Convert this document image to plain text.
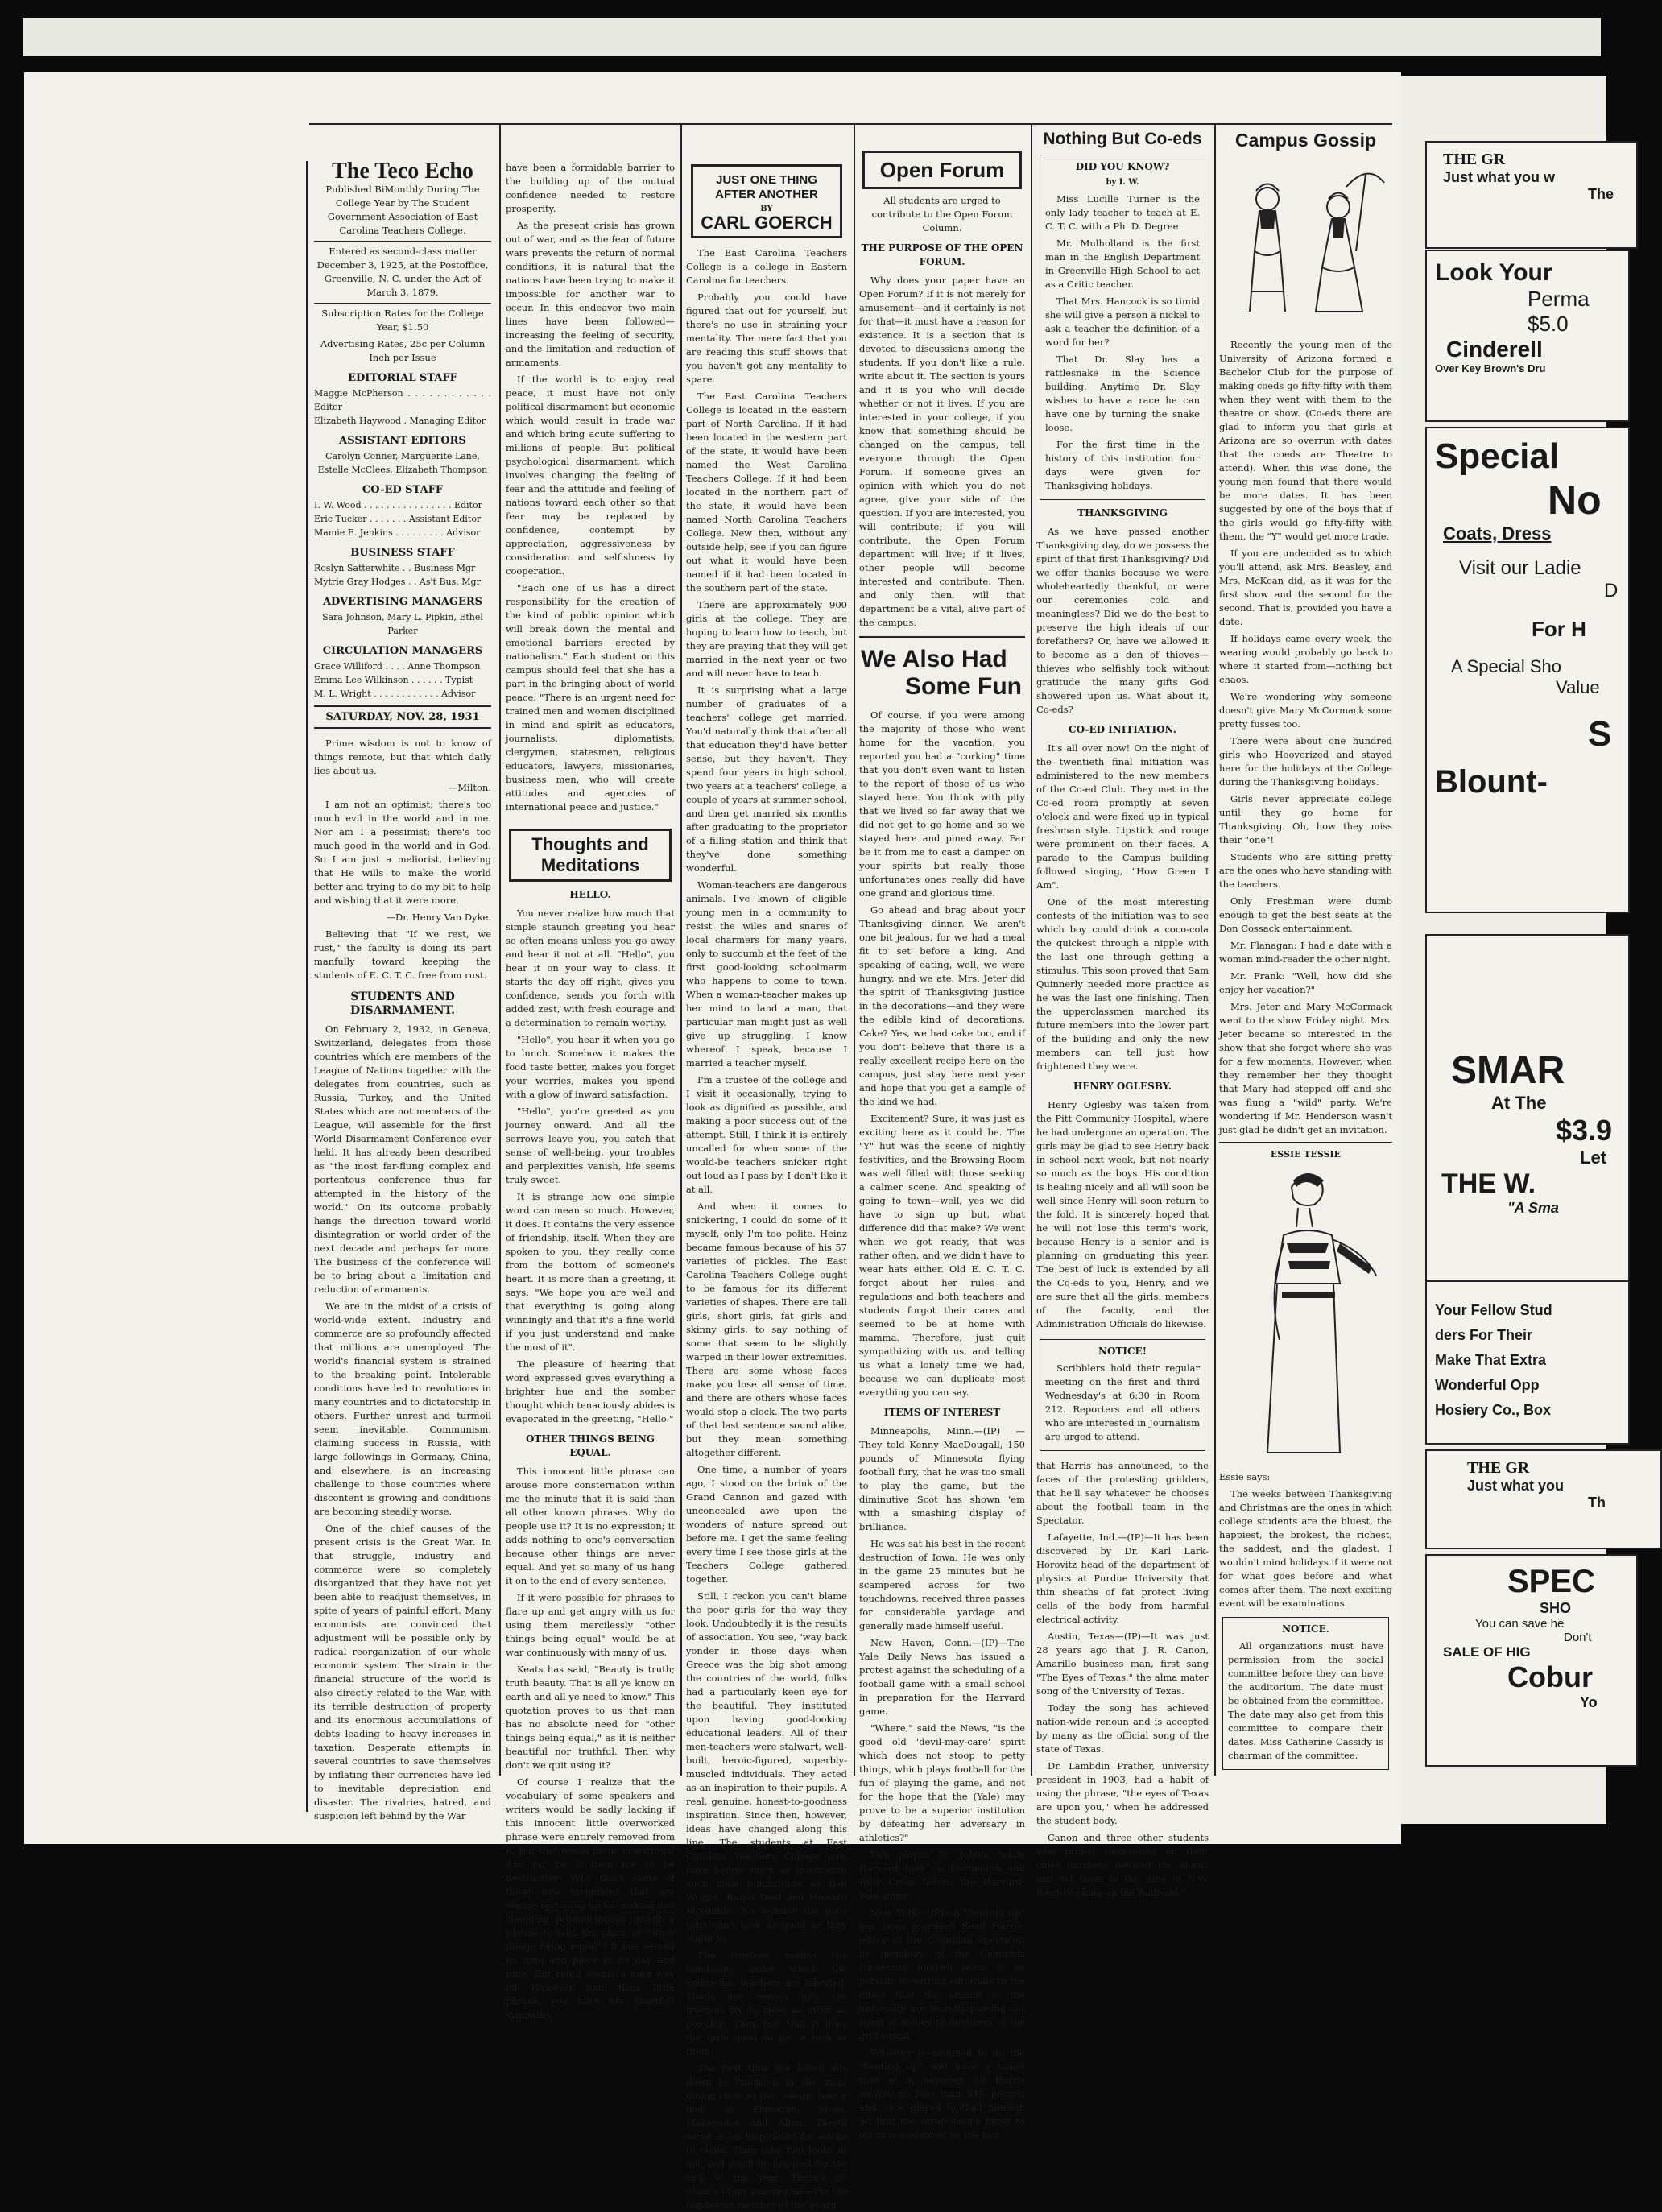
The Teco Echo

Published BiMonthly During The College Year by The Student Government Association of East Carolina Teachers College.

Entered as second-class matter December 3, 1925, at the Postoffice, Greenville, N. C. under the Act of March 3, 1879.

Subscription Rates for the College Year, $1.50

Advertising Rates, 25c per Column Inch per Issue

EDITORIAL STAFF

Maggie McPherson . . . . . . . . . . . . Editor

Elizabeth Haywood . Managing Editor

ASSISTANT EDITORS

Carolyn Conner, Marguerite Lane, Estelle McClees, Elizabeth Thompson

CO-ED STAFF

I. W. Wood . . . . . . . . . . . . . . . . Editor

Eric Tucker . . . . . . . Assistant Editor

Mamie E. Jenkins . . . . . . . . . Advisor

BUSINESS STAFF

Roslyn Satterwhite . . Business Mgr

Mytrie Gray Hodges . . As't Bus. Mgr

ADVERTISING MANAGERS

Sara Johnson, Mary L. Pipkin, Ethel Parker

CIRCULATION MANAGERS

Grace Williford . . . . Anne Thompson

Emma Lee Wilkinson . . . . . . Typist

M. L. Wright . . . . . . . . . . . . Advisor

SATURDAY, NOV. 28, 1931

Prime wisdom is not to know of things remote, but that which daily lies about us.

—Milton.

I am not an optimist; there's too much evil in the world and in me. Nor am I a pessimist; there's too much good in the world and in God. So I am just a meliorist, believing that He wills to make the world better and trying to do my bit to help and wishing that it were more.

—Dr. Henry Van Dyke.

Believing that "If we rest, we rust," the faculty is doing its part manfully toward keeping the students of E. C. T. C. free from rust.

STUDENTS AND DISARMAMENT.

On February 2, 1932, in Geneva, Switzerland, delegates from those countries which are members of the League of Nations together with the delegates from countries, such as Russia, Turkey, and the United States which are not members of the League, will assemble for the first World Disarmament Conference ever held. It has already been described as "the most far-flung complex and portentous conference thus far attempted in the history of the world." On its outcome probably hangs the direction toward world disintegration or world order of the next decade and perhaps far more. The business of the conference will be to bring about a limitation and reduction of armaments.

We are in the midst of a crisis of world-wide extent. Industry and commerce are so profoundly affected that millions are unemployed. The world's financial system is strained to the breaking point. Intolerable conditions have led to revolutions in many countries and to dictatorship in others. Further unrest and turmoil seem inevitable. Communism, claiming success in Russia, with large followings in Germany, China, and elsewhere, is an increasing challenge to those countries where discontent is growing and conditions are becoming steadily worse.

One of the chief causes of the present crisis is the Great War. In that struggle, industry and commerce were so completely disorganized that they have not yet been able to readjust themselves, in spite of years of painful effort. Many economists are convinced that adjustment will be possible only by radical reorganization of our whole economic system. The strain in the financial structure of the world is also directly related to the War, with its terrible destruction of property and its enormous accumulations of debts leading to heavy increases in taxation. Desperate attempts in several countries to save themselves by inflating their currencies have led to inevitable depreciation and disaster. The rivalries, hatred, and suspicion left behind by the War

have been a formidable barrier to the building up of the mutual confidence needed to restore prosperity.

As the present crisis has grown out of war, and as the fear of future wars prevents the return of normal conditions, it is natural that the nations have been trying to make it impossible for another war to occur. In this endeavor two main lines have been followed—increasing the feeling of security, and the limitation and reduction of armaments.

If the world is to enjoy real peace, it must have not only political disarmament but economic which would result in trade war and which bring acute suffering to millions of people. But political psychological disarmament, which involves changing the feeling of fear and the attitude and feeling of nations toward each other so that fear may be replaced by confidence, contempt by appreciation, aggressiveness by consideration and selfishness by cooperation.

"Each one of us has a direct responsibility for the creation of the kind of public opinion which will break down the mental and emotional barriers erected by nationalism." Each student on this campus should feel that she has a part in the bringing about of world peace. "There is an urgent need for trained men and women disciplined in mind and spirit as educators, journalists, diplomatists, clergymen, statesmen, religious educators, lawyers, missionaries, business men, who will create attitudes and agencies of international peace and justice."

Thoughts and Meditations
HELLO.

You never realize how much that simple staunch greeting you hear so often means unless you go away and hear it not at all. "Hello", you hear it on your way to class. It starts the day off right, gives you confidence, sends you forth with added zest, with fresh courage and a determination to remain worthy.

"Hello", you hear it when you go to lunch. Somehow it makes the food taste better, makes you forget your worries, makes you spend with a glow of inward satisfaction.

"Hello", you're greeted as you journey onward. And all the sorrows leave you, you catch that sense of well-being, your troubles and perplexities vanish, life seems truly sweet.

It is strange how one simple word can mean so much. However, it does. It contains the very essence of friendship, itself. When they are spoken to you, they really come from the bottom of someone's heart. It is more than a greeting, it says: "We hope you are well and that everything is going along winningly and that it's a fine world if you just understand and make the most of it".

The pleasure of hearing that word expressed gives everything a brighter hue and the somber thought which tenaciously abides is evaporated in the greeting, "Hello."

OTHER THINGS BEING EQUAL.

This innocent little phrase can arouse more consternation within me the minute that it is said than all other known phrases. Why do people use it? It is no expression; it adds nothing to one's conversation because other things are never equal. And yet so many of us hang it on to the end of every sentence.

If it were possible for phrases to flare up and get angry with us for using them mercilessly "other things being equal" would be at war continuously with many of us.

Keats has said, "Beauty is truth; truth beauty. That is all ye know on earth and all ye need to know." This quotation proves to us that man has no absolute need for "other things being equal," as it is neither beautiful nor truthful. Then why don't we quit using it?

Of course I realize that the vocabulary of some speakers and writers would be sadly lacking if this innocent little overworked phrase were entirely removed from it. But that would be no disastrous! And far be it from me to be destructive! Why don't some of these new inventions that are always springing up for making and changing pronunciations invent a phrase to take the place of "other things being equal"? It has served its time and place in its day and time. But relief seems a long way off. However, until then, little phrase, you have my heartfelt sympathy.

JUST ONE THING AFTER ANOTHER
BY
CARL GOERCH

The East Carolina Teachers College is a college in Eastern Carolina for teachers.

Probably you could have figured that out for yourself, but there's no use in straining your mentality. The mere fact that you are reading this stuff shows that you haven't got any mentality to spare.

The East Carolina Teachers College is located in the eastern part of North Carolina. If it had been located in the western part of the state, it would have been named the West Carolina Teachers College. If it had been located in the northern part of the state, it would have been named North Carolina Teachers College. New then, without any outside help, see if you can figure out what it would have been named if it had been located in the southern part of the state.

There are approximately 900 girls at the college. They are hoping to learn how to teach, but they are praying that they will get married in the next year or two and will never have to teach.

It is surprising what a large number of graduates of a teachers' college get married. You'd naturally think that after all that education they'd have better sense, but they haven't. They spend four years in high school, two years at a teachers' college, a couple of years at summer school, and then get married six months after graduating to the proprietor of a filling station and think that they've done something wonderful.

Woman-teachers are dangerous animals. I've known of eligible young men in a community to resist the wiles and snares of local charmers for many years, only to succumb at the feet of the first good-looking schoolmarm who happens to come to town. When a woman-teacher makes up her mind to land a man, that particular man might just as well give up struggling. I know whereof I speak, because I married a teacher myself.

I'm a trustee of the college and I visit it occasionally, trying to look as dignified as possible, and making a poor success out of the attempt. Still, I think it is entirely uncalled for when some of the would-be teachers snicker right out loud as I pass by. I don't like it at all.

And when it comes to snickering, I could do some of it myself, only I'm too polite. Heinz became famous because of his 57 varieties of pickles. The East Carolina Teachers College ought to be famous for its different varieties of shapes. There are tall girls, short girls, fat girls and skinny girls, to say nothing of some that seem to be slightly warped in their lower extremities. There are some whose faces make you lose all sense of time, and there are others whose faces would stop a clock. The two parts of that last sentence sound alike, but they mean something altogether different.

One time, a number of years ago, I stood on the brink of the Grand Cannon and gazed with unconcealed awe upon the wonders of nature spread out before me. I get the same feeling every time I see those girls at the Teachers College gathered together.

Still, I reckon you can't blame the poor girls for the way they look. Undoubtedly it is the results of association. You see, 'way back yonder in those days when Greece was the big shot among the countries of the world, folks had a particularly keen eye for the beautiful. They instituted upon having good-looking educational leaders. All of their men-teachers were stalwart, well-built, heroic-figured, superbly-muscled individuals. They acted as an inspiration to their pupils. A real, genuine, honest-to-goodness inspiration. Since then, however, ideas have changed along this line. The students at East Carolina Teachers College now have before them as inspiration such male pulchritude as Bob Wright, Ralph Deal and Howard McGinnis. No wonder the poor girls can't look as good as they ought to.

The trustees realize the handicaps under which the embryonic teachers are laboring. That's one reason why the trustees try to meet as often as possible. They feel that it does the girls good to get a look at them.

The next time the board sits down to luncheon in the main dining room at the college, take a look at Flanagan, Moye, Makepeace and Allen. They'll serve as an inspiration for weeks to come. Then take two looks at me, and you'll be inspired for the rest of the year. There's no chance of my missing me—I'm the handsome member of the board.

Open Forum

All students are urged to contribute to the Open Forum Column.

THE PURPOSE OF THE OPEN FORUM.

Why does your paper have an Open Forum? If it is not merely for amusement—and it certainly is not for that—it must have a reason for existence. It is a section that is devoted to discussions among the students. If you don't like a rule, write about it. The section is yours and it is you who will decide whether or not it lives. If you are interested in your college, if you know that something should be changed on the campus, tell everyone through the Open Forum. If someone gives an opinion with which you do not agree, give your side of the question. If you are interested, you will contribute; if you will contribute, the Open Forum department will live; if it lives, other people will become interested and contribute. Then, and only then, will that department be a vital, alive part of the campus.

We Also Had
Some Fun

Of course, if you were among the majority of those who went home for the vacation, you reported you had a "corking" time that you don't even want to listen to the report of those of us who stayed here. You think with pity that we lived so far away that we did not get to go home and so we stayed here and pined away. Far be it from me to cast a damper on your spirits but really those unfortunates ones really did have one grand and glorious time.

Go ahead and brag about your Thanksgiving dinner. We aren't one bit jealous, for we had a meal fit to set before a king. And speaking of eating, well, we were hungry, and we ate. Mrs. Jeter did the spirit of Thanksgiving justice in the decorations—and they were the edible kind of decorations. Cake? Yes, we had cake too, and if you don't believe that there is a really excellent recipe here on the campus, just stay here next year and hope that you get a sample of the kind we had.

Excitement? Sure, it was just as exciting here as it could be. The "Y" hut was the scene of nightly festivities, and the Browsing Room was well filled with those seeking a calmer scene. And speaking of going to town—well, yes we did have to sign up but, what difference did that make? We went when we got ready, that was rather often, and we didn't have to wear hats either. Old E. C. T. C. forgot about her rules and regulations and both teachers and students forgot their cares and seemed to be at home with mamma. Therefore, just quit sympathizing with us, and telling us what a lonely time we had, because we can duplicate most everything you can say.

ITEMS OF INTEREST

Minneapolis, Minn.—(IP) — They told Kenny MacDougall, 150 pounds of Minnesota flying football fury, that he was too small to play the game, but the diminutive Scot has shown 'em with a smashing display of brilliance.

He was sat his best in the recent destruction of Iowa. He was only in the game 25 minutes but he scampered across for two touchdowns, received three passes for considerable yardage and generally made himself useful.

New Haven, Conn.—(IP)—The Yale Daily News has issued a protest against the scheduling of a football game with a small school in preparation for the Harvard game.

"Where," said the News, "is the good old 'devil-may-care' spirit which does not stoop to petty things, which plays football for the fun of playing the game, and not for the hope that the (Yale) may prove to be a superior institution by defeating her adversary in athletics?"

Yale played St. John's, while Harvard took on Dartmouth and Holy Cross before the Harvard-Yale game.

New York—(IP)—A "beating up" has been promised Reed Harris, editor of the Columbia Spectator, by members of the Columbia University football team, if he persists in writing editorials to the effect that the alumni of the university are secretly passing out sums of money to members of the grid squad.

Whoever is assigned to do the "beating up" will have a tough time of it, however, for Harris weighs no less than 215 pounds and once played football himself. So that the scrap seems likely to occur is evidenced by the fact

Nothing But Co-eds
DID YOU KNOW?
by I. W.

Miss Lucille Turner is the only lady teacher to teach at E. C. T. C. with a Ph. D. Degree.

Mr. Mulholland is the first man in the English Department in Greenville High School to act as a Critic teacher.

That Mrs. Hancock is so timid she will give a person a nickel to ask a teacher the definition of a word for her?

That Dr. Slay has a rattlesnake in the Science building. Anytime Dr. Slay wishes to have a race he can have one by turning the snake loose.

For the first time in the history of this institution four days were given for Thanksgiving holidays.

THANKSGIVING

As we have passed another Thanksgiving day, do we possess the spirit of that first Thanksgiving? Did we offer thanks because we were wholeheartedly thankful, or were our ceremonies cold and meaningless? Did we do the best to preserve the high ideals of our forefathers? Or, have we allowed it to become as a den of thieves—thieves who selfishly took without gratitude the many gifts God showered upon us. What about it, Co-eds?

CO-ED INITIATION.

It's all over now! On the night of the twentieth final initiation was administered to the new members of the Co-ed Club. They met in the Co-ed room promptly at seven o'clock and were fixed up in typical freshman style. Lipstick and rouge were prominent on their faces. A parade to the Campus building followed singing, "How Green I Am".

One of the most interesting contests of the initiation was to see which boy could drink a coco-cola the quickest through a nipple with the last one through getting a stimulus. This soon proved that Sam Quinnerly needed more practice as he was the last one finishing. Then the upperclassmen marched its future members into the lower part of the building and only the new members can tell just how frightened they were.

HENRY OGLESBY.

Henry Oglesby was taken from the Pitt Community Hospital, where he had undergone an operation. The girls may be glad to see Henry back in school next week, but not nearly so much as the boys. His condition is healing nicely and all will soon be well since Henry will soon return to the fold. It is sincerely hoped that he will not lose this term's work, because Henry is a senior and is planning on graduating this year. The best of luck is extended by all the Co-eds to you, Henry, and we are sure that all the girls, members of the faculty, and the Administration Officials do likewise.

NOTICE!

Scribblers hold their regular meeting on the first and third Wednesday's at 6:30 in Room 212. Reporters and all others who are interested in Journalism are urged to attend.

that Harris has announced, to the faces of the protesting gridders, that he'll say whatever he chooses about the football team in the Spectator.

Lafayette, Ind.—(IP)—It has been discovered by Dr. Karl Lark-Horovitz head of the department of physics at Purdue University that thin sheaths of fat protect living cells of the body from harmful electrical activity.

Austin, Texas—(IP)—It was just 28 years ago that J. R. Canon, Amarillo business man, first sang "The Eyes of Texas," the alma mater song of the University of Texas.

Today the song has achieved nation-wide renoun and is accepted by many as the official song of the state of Texas.

Dr. Lambdin Prather, university president in 1903, had a habit of using the phrase, "the eyes of Texas are upon you," when he addressed the student body.

Canon and three other students who prided themselves on their close harmony devised the words and set them to the tune of "I've Been Working on the Railroad."

Campus Gossip

Recently the young men of the University of Arizona formed a Bachelor Club for the purpose of making coeds go fifty-fifty with them when they went with them to the theatre or show. (Co-eds there are glad to inform you that girls at Arizona are so overrun with dates that the coeds are Theatre to attend). When this was done, the young men found that there would be more dates. It has been suggested by one of the boys that if the girls would go fifty-fifty with them, the "Y" would get more trade.

If you are undecided as to which you'll attend, ask Mrs. Beasley, and Mrs. McKean did, as it was for the first show and the second for the second. That is, provided you have a date.

If holidays came every week, the wearing would probably go back to where it started from—nothing but chaos.

We're wondering why someone doesn't give Mary McCormack some pretty fusses too.

There were about one hundred girls who Hooverized and stayed here for the holidays at the College during the Thanksgiving holidays.

Girls never appreciate college until they go home for Thanksgiving. Oh, how they miss their "one"!

Students who are sitting pretty are the ones who have standing with the teachers.

Only Freshman were dumb enough to get the best seats at the Don Cossack entertainment.

Mr. Flanagan: I had a date with a woman mind-reader the other night.

Mr. Frank: "Well, how did she enjoy her vacation?"

Mrs. Jeter and Mary McCormack went to the show Friday night. Mrs. Jeter became so interested in the show that she forgot where she was for a few moments. However, when they remember her they thought that Mary had stepped off and she was flung a "wild" party. We're wondering if Mr. Henderson wasn't just glad he didn't get an invitation.

ESSIE TESSIE

Essie says:

The weeks between Thanksgiving and Christmas are the ones in which college students are the bluest, the happiest, the brokest, the richest, the saddest, and the gladest. I wouldn't mind holidays if it were not for what goes before and what comes after them. The next exciting event will be examinations.

NOTICE.

All organizations must have permission from the social committee before they can have the auditorium. The date must be obtained from the committee. The date may also get from this committee to compare their dates. Miss Catherine Cassidy is chairman of the committee.

THE GR
Just what you w
The
Look Your
Perma
$5.0
Cinderell
Over Key Brown's Dru
Special
No
Coats, Dress
Visit our Ladie
D
For H
A Special Sho
Value
S
Blount-
SMAR
At The
$3.9
Let
THE W.
"A Sma
Your Fellow Stud
ders For Their
Make That Extra
Wonderful Opp
Hosiery Co., Box
THE GR
Just what you
Th
SPEC
SHO
You can save he
Don't
SALE OF HIG
Cobur
Yo
